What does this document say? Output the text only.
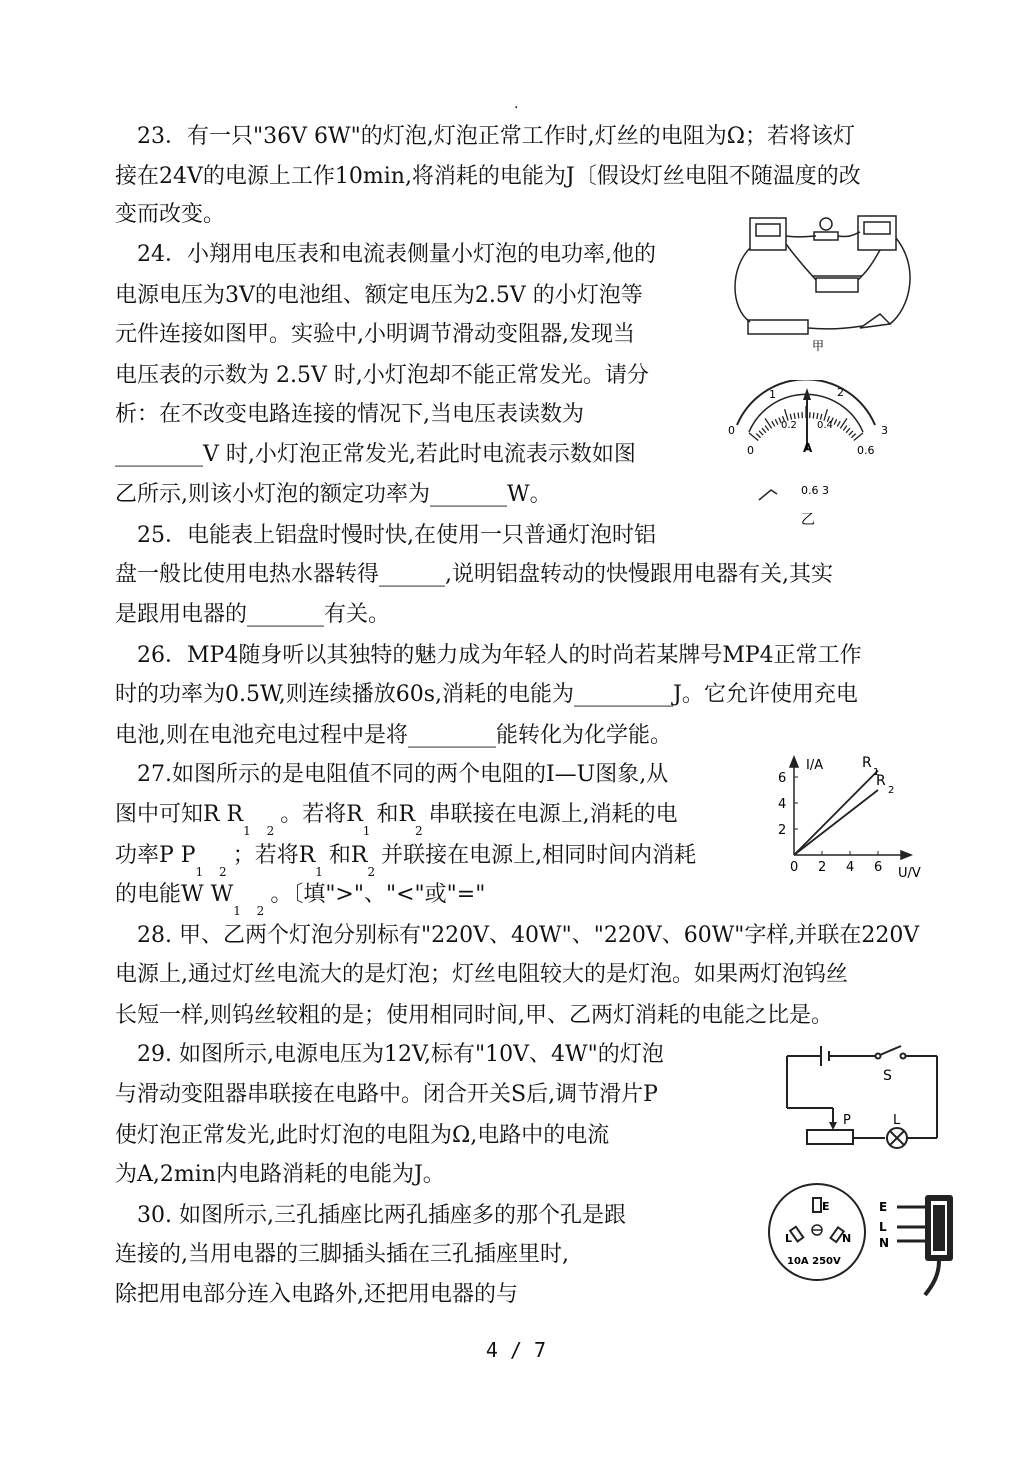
.
23．有一只"36V 6W"的灯泡,灯泡正常工作时,灯丝的电阻为Ω；若将该灯
接在24V的电源上工作10min,将消耗的电能为J〔假设灯丝电阻不随温度的改
变而改变。
24．小翔用电压表和电流表侧量小灯泡的电功率,他的
电源电压为3V的电池组、额定电压为2.5V 的小灯泡等
元件连接如图甲。实验中,小明调节滑动变阻器,发现当
电压表的示数为 2.5V 时,小灯泡却不能正常发光。请分
析：在不改变电路连接的情况下,当电压表读数为
________V 时,小灯泡正常发光,若此时电流表示数如图
乙所示,则该小灯泡的额定功率为_______W。
甲
0
1	2
3
0
0.2 0.4
0.6
A
0.6 3
乙
25．电能表上铝盘时慢时快,在使用一只普通灯泡时铝
盘一般比使用电热水器转得______,说明铝盘转动的快慢跟用电器有关,其实
是跟用电器的_______有关。
26．MP4随身听以其独特的魅力成为年轻人的时尚若某牌号MP4正常工作
时的功率为0.5W,则连续播放60s,消耗的电能为_________J。它允许使用充电
电池,则在电池充电过程中是将________能转化为化学能。
27.如图所示的是电阻值不同的两个电阻的I—U图象,从
图中可知R $R_{1 2}$。若将$R_1$和$R_2$串联接在电源上,消耗的电
功率P $P_{1 2}$；若将$R_1$和$R_2$并联接在电源上,相同时间内消耗
的电能W $W_{1 2}$。〔填">"、"<"或"="
I/A
U/V
2
4
6
0 2 4 6
R
1
R
2
28. 甲、乙两个灯泡分别标有"220V、40W"、"220V、60W"字样,并联在220V
电源上,通过灯丝电流大的是灯泡；灯丝电阻较大的是灯泡。如果两灯泡钨丝
长短一样,则钨丝较粗的是；使用相同时间,甲、乙两灯消耗的电能之比是。
29. 如图所示,电源电压为12V,标有"10V、4W"的灯泡
与滑动变阻器串联接在电路中。闭合开关S后,调节滑片P
使灯泡正常发光,此时灯泡的电阻为Ω,电路中的电流
为A,2min内电路消耗的电能为J。
S
P	L
30. 如图所示,三孔插座比两孔插座多的那个孔是跟
连接的,当用电器的三脚插头插在三孔插座里时,
除把用电部分连入电路外,还把用电器的与
E
L	N
10A 250V
E
L
N
4 / 7
